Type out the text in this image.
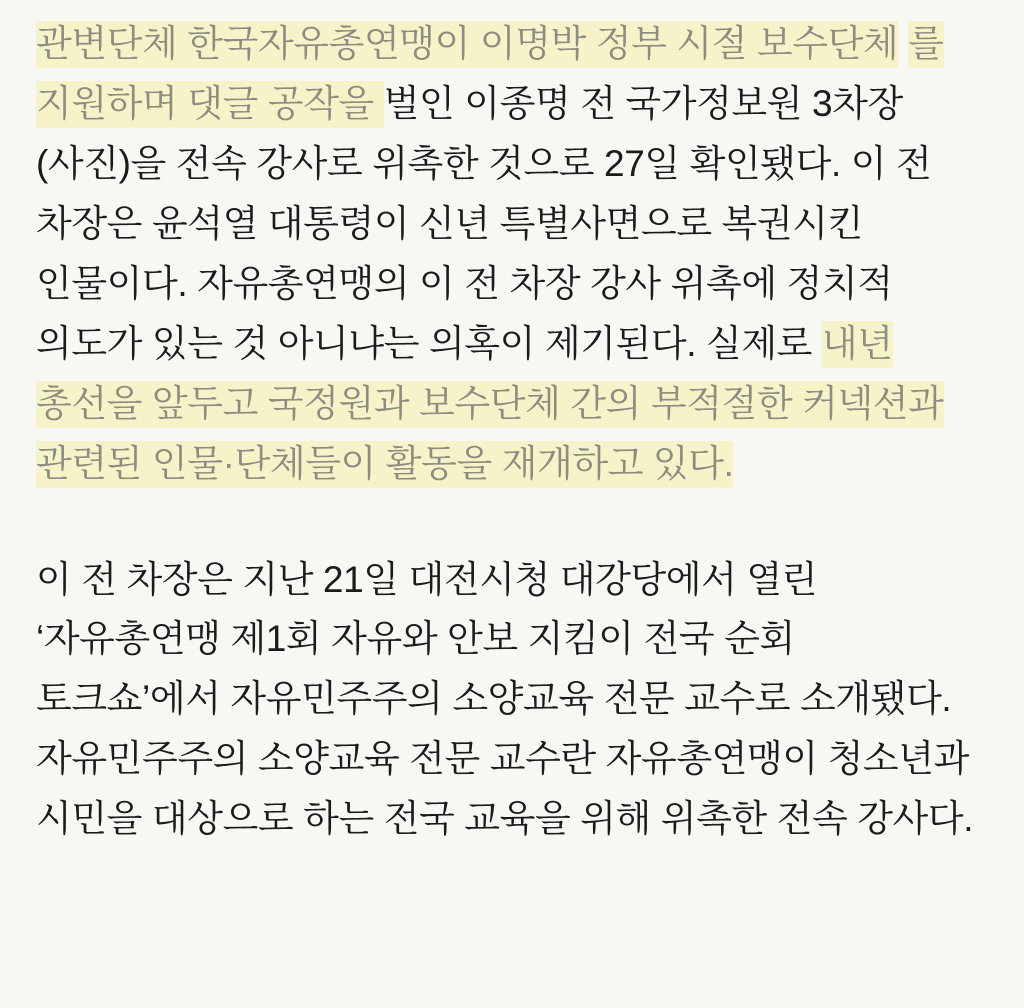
관변단체 한국자유총연맹이 이명박 정부 시절 보수단체 를 지원하며 댓글 공작을 벌인 이종명 전 국가정보원 3차장(사진)을 전속 강사로 위촉한 것으로 27일 확인됐다. 이 전 차장은 윤석열 대통령이 신년 특별사면으로 복권시킨 인물이다. 자유총연맹의 이 전 차장 강사 위촉에 정치적 의도가 있는 것 아니냐는 의혹이 제기된다. 실제로 내년 총선을 앞두고 국정원과 보수단체 간의 부적절한 커넥션과 관련된 인물·단체들이 활동을 재개하고 있다.

이 전 차장은 지난 21일 대전시청 대강당에서 열린 ‘자유총연맹 제1회 자유와 안보 지킴이 전국 순회 토크쇼’에서 자유민주주의 소양교육 전문 교수로 소개됐다. 자유민주주의 소양교육 전문 교수란 자유총연맹이 청소년과 시민을 대상으로 하는 전국 교육을 위해 위촉한 전속 강사다.
